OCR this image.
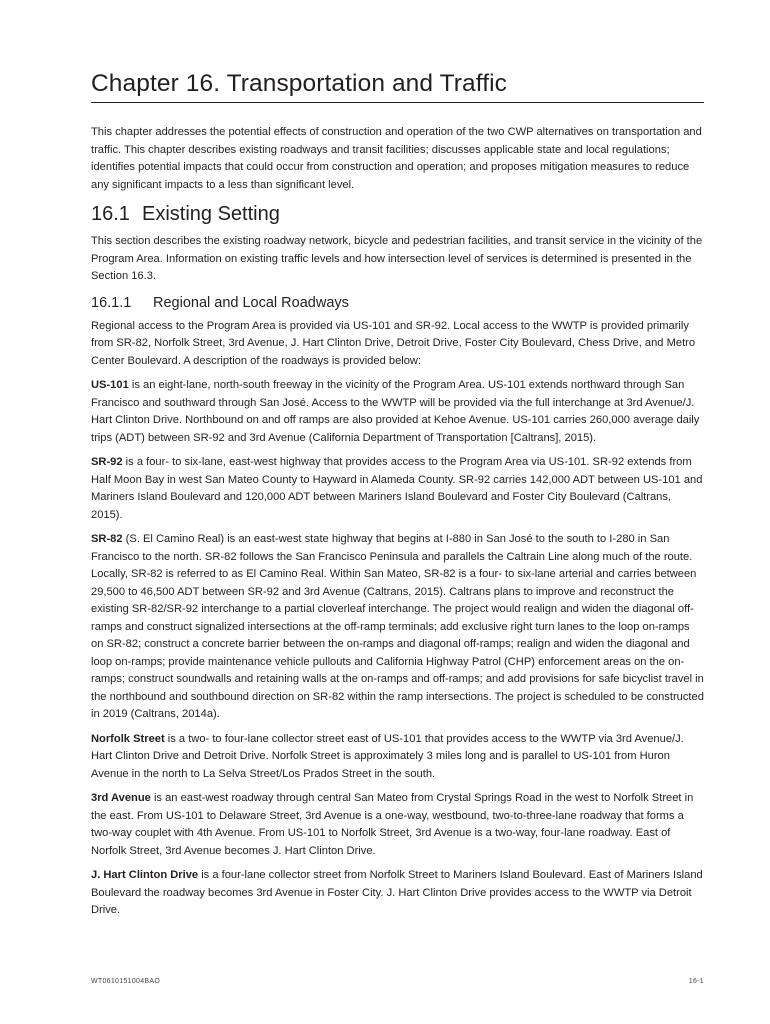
Chapter 16. Transportation and Traffic

This chapter addresses the potential effects of construction and operation of the two CWP alternatives on transportation and traffic. This chapter describes existing roadways and transit facilities; discusses applicable state and local regulations; identifies potential impacts that could occur from construction and operation; and proposes mitigation measures to reduce any significant impacts to a less than significant level.

16.1 Existing Setting

This section describes the existing roadway network, bicycle and pedestrian facilities, and transit service in the vicinity of the Program Area. Information on existing traffic levels and how intersection level of services is determined is presented in the Section 16.3.

16.1.1 Regional and Local Roadways

Regional access to the Program Area is provided via US-101 and SR-92. Local access to the WWTP is provided primarily from SR-82, Norfolk Street, 3rd Avenue, J. Hart Clinton Drive, Detroit Drive, Foster City Boulevard, Chess Drive, and Metro Center Boulevard. A description of the roadways is provided below:

US-101 is an eight-lane, north-south freeway in the vicinity of the Program Area. US-101 extends northward through San Francisco and southward through San José. Access to the WWTP will be provided via the full interchange at 3rd Avenue/J. Hart Clinton Drive. Northbound on and off ramps are also provided at Kehoe Avenue. US-101 carries 260,000 average daily trips (ADT) between SR-92 and 3rd Avenue (California Department of Transportation [Caltrans], 2015).

SR-92 is a four- to six-lane, east-west highway that provides access to the Program Area via US-101. SR-92 extends from Half Moon Bay in west San Mateo County to Hayward in Alameda County. SR-92 carries 142,000 ADT between US-101 and Mariners Island Boulevard and 120,000 ADT between Mariners Island Boulevard and Foster City Boulevard (Caltrans, 2015).

SR-82 (S. El Camino Real) is an east-west state highway that begins at I-880 in San José to the south to I-280 in San Francisco to the north. SR-82 follows the San Francisco Peninsula and parallels the Caltrain Line along much of the route. Locally, SR-82 is referred to as El Camino Real. Within San Mateo, SR-82 is a four- to six-lane arterial and carries between 29,500 to 46,500 ADT between SR-92 and 3rd Avenue (Caltrans, 2015). Caltrans plans to improve and reconstruct the existing SR-82/SR-92 interchange to a partial cloverleaf interchange. The project would realign and widen the diagonal off-ramps and construct signalized intersections at the off-ramp terminals; add exclusive right turn lanes to the loop on-ramps on SR-82; construct a concrete barrier between the on-ramps and diagonal off-ramps; realign and widen the diagonal and loop on-ramps; provide maintenance vehicle pullouts and California Highway Patrol (CHP) enforcement areas on the on-ramps; construct soundwalls and retaining walls at the on-ramps and off-ramps; and add provisions for safe bicyclist travel in the northbound and southbound direction on SR-82 within the ramp intersections. The project is scheduled to be constructed in 2019 (Caltrans, 2014a).

Norfolk Street is a two- to four-lane collector street east of US-101 that provides access to the WWTP via 3rd Avenue/J. Hart Clinton Drive and Detroit Drive. Norfolk Street is approximately 3 miles long and is parallel to US-101 from Huron Avenue in the north to La Selva Street/Los Prados Street in the south.

3rd Avenue is an east-west roadway through central San Mateo from Crystal Springs Road in the west to Norfolk Street in the east. From US-101 to Delaware Street, 3rd Avenue is a one-way, westbound, two-to-three-lane roadway that forms a two-way couplet with 4th Avenue. From US-101 to Norfolk Street, 3rd Avenue is a two-way, four-lane roadway. East of Norfolk Street, 3rd Avenue becomes J. Hart Clinton Drive.

J. Hart Clinton Drive is a four-lane collector street from Norfolk Street to Mariners Island Boulevard. East of Mariners Island Boulevard the roadway becomes 3rd Avenue in Foster City. J. Hart Clinton Drive provides access to the WWTP via Detroit Drive.

WT0610151004BAO	16-1
